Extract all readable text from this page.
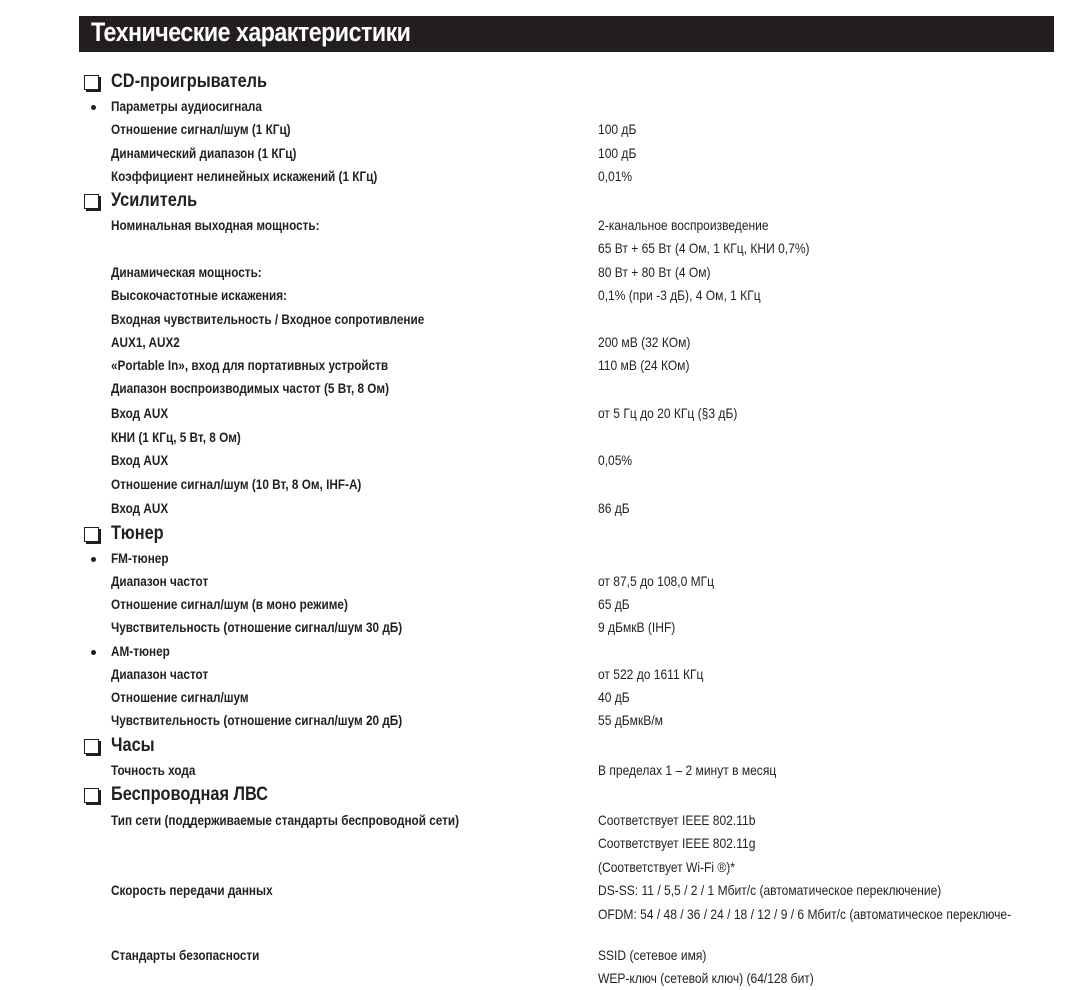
Технические характеристики
CD-проигрыватель
Параметры аудиосигнала
Отношение сигнал/шум (1 КГц)	100 дБ
Динамический диапазон (1 КГц)	100 дБ
Коэффициент нелинейных искажений (1 КГц)	0,01%
Усилитель
Номинальная выходная мощность:	2-канальное воспроизведение
65 Вт + 65 Вт (4 Ом, 1 КГц, КНИ 0,7%)
Динамическая мощность:	80 Вт + 80 Вт (4 Ом)
Высокочастотные искажения:	0,1% (при -3 дБ), 4 Ом, 1 КГц
Входная чувствительность / Входное сопротивление
AUX1, AUX2	200 мВ (32 КОм)
«Portable In», вход для портативных устройств	110 мВ (24 КОм)
Диапазон воспроизводимых частот (5 Вт, 8 Ом)
Вход AUX	от 5 Гц до 20 КГц (§3 дБ)
КНИ (1 КГц, 5 Вт, 8 Ом)
Вход AUX	0,05%
Отношение сигнал/шум (10 Вт, 8 Ом, IHF-A)
Вход AUX	86 дБ
Тюнер
FM-тюнер
Диапазон частот	от 87,5 до 108,0 МГц
Отношение сигнал/шум (в моно режиме)	65 дБ
Чувствительность (отношение сигнал/шум 30 дБ)	9 дБмкВ (IHF)
AM-тюнер
Диапазон частот	от 522 до 1611 КГц
Отношение сигнал/шум	40 дБ
Чувствительность (отношение сигнал/шум 20 дБ)	55 дБмкВ/м
Часы
Точность хода	В пределах 1 – 2 минут в месяц
Беспроводная ЛВС
Тип сети (поддерживаемые стандарты беспроводной сети)	Соответствует IEEE 802.11b
Соответствует IEEE 802.11g
(Соответствует Wi-Fi ®)*
Скорость передачи данных	DS-SS: 11 / 5,5 / 2 / 1 Мбит/с (автоматическое переключение)
OFDM: 54 / 48 / 36 / 24 / 18 / 12 / 9 / 6 Мбит/с (автоматическое переключе-
Стандарты безопасности	SSID (сетевое имя)
WEP-ключ (сетевой ключ) (64/128 бит)
